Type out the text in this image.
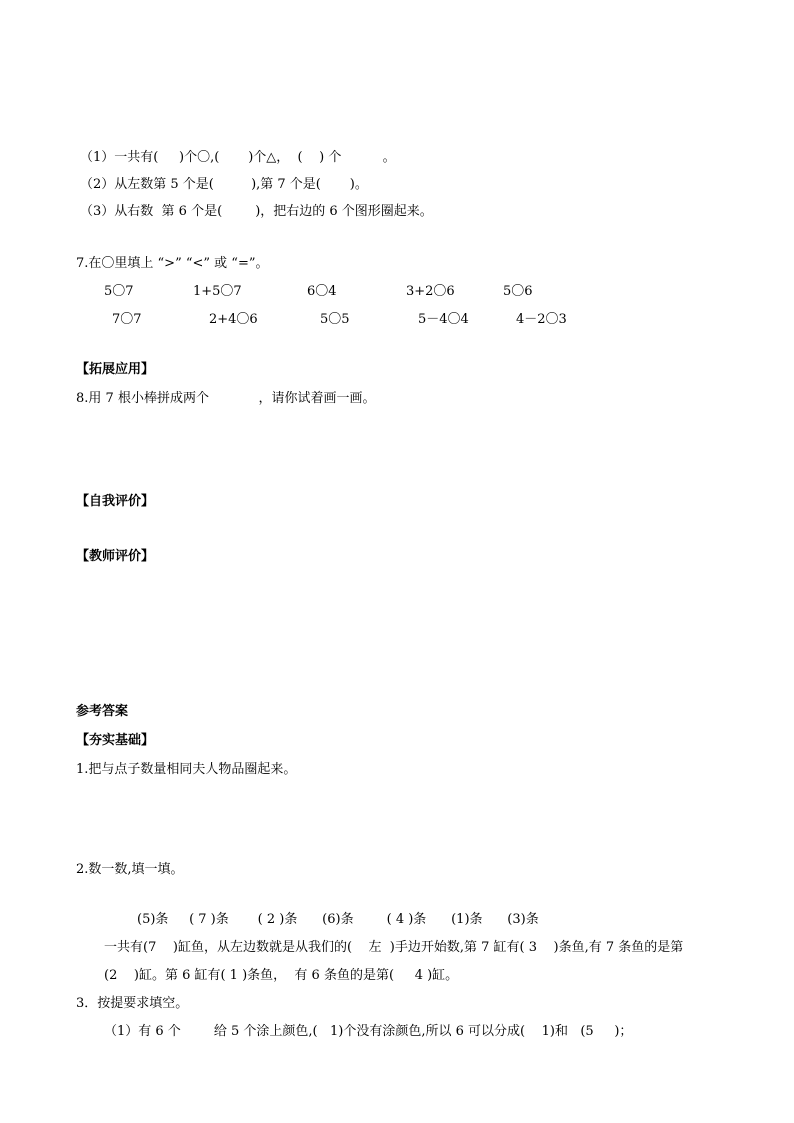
（1）一共有(     )个〇,(       )个△，  (    ) 个          。
（2）从左数第 5 个是(         ),第 7 个是(       )。
（3）从右数  第 6 个是(        )，把右边的 6 个图形圈起来。
7.在〇里填上 “>” “<” 或 “=”。
5〇7	1+5〇7	6〇4	3+2〇6	5〇6
7〇7	2+4〇6	5〇5	5－4〇4	4－2〇3
【拓展应用】
8.用 7 根小棒拼成两个            ，请你试着画一画。
【自我评价】
【教师评价】
参考答案
【夯实基础】
1.把与点子数量相同夫人物品圈起来。
2.数一数,填一填。
(5)条     ( 7 )条       ( 2 )条      (6)条        ( 4 )条      (1)条      (3)条
一共有(7    )缸鱼，从左边数就是从我们的(    左  )手边开始数,第 7 缸有( 3    )条鱼,有 7 条鱼的是第
(2    )缸。第 6 缸有( 1 )条鱼，  有 6 条鱼的是第(     4 )缸。
3．按提要求填空。
（1）有 6 个        给 5 个涂上颜色,(   1)个没有涂颜色,所以 6 可以分成(    1)和   (5     )；
